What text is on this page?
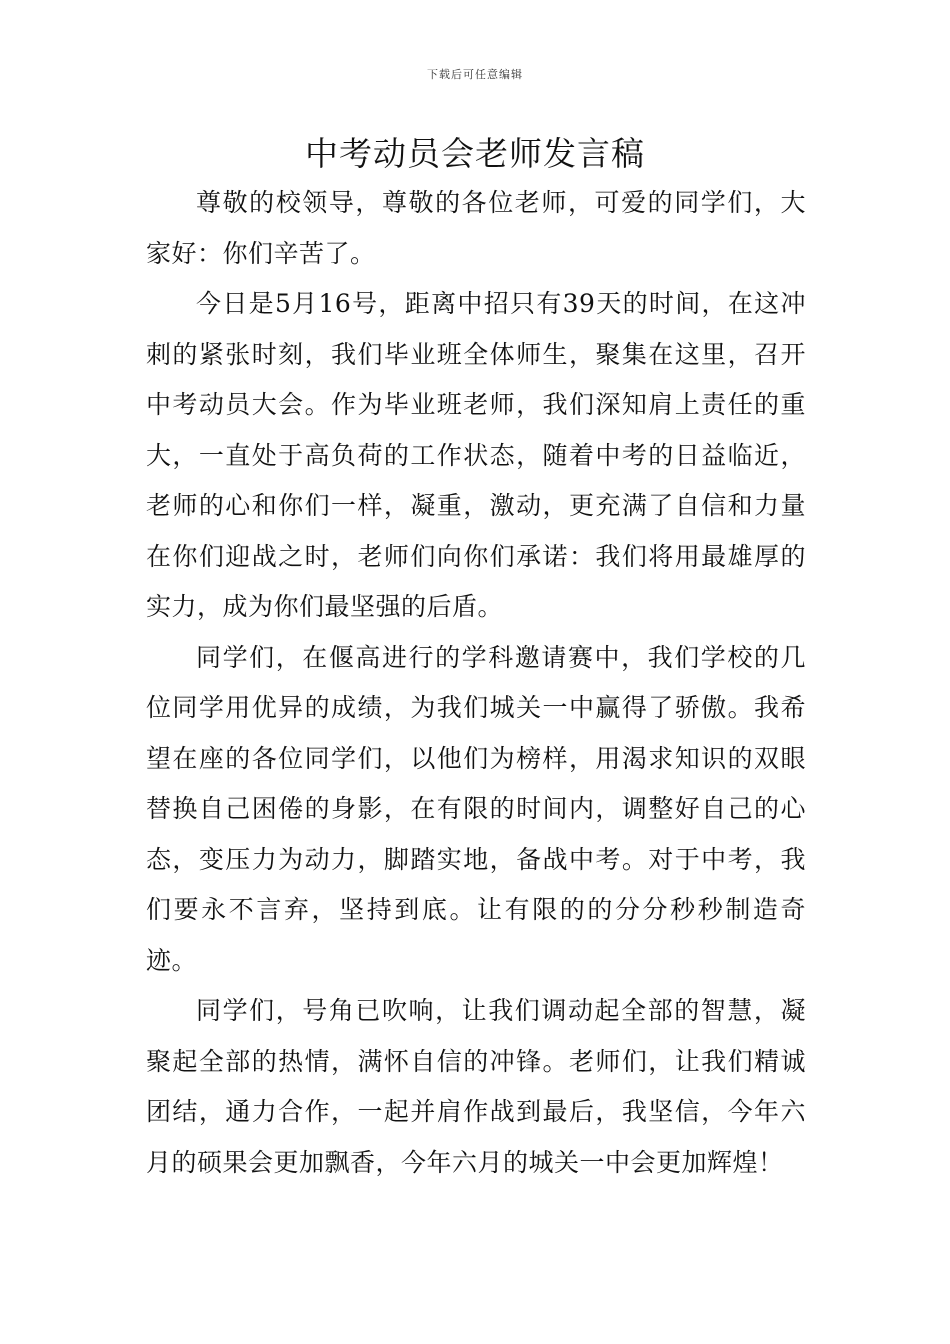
下载后可任意编辑
中考动员会老师发言稿

尊敬的校领导，尊敬的各位老师，可爱的同学们，大家好：你们辛苦了。

今日是5月16号，距离中招只有39天的时间，在这冲刺的紧张时刻，我们毕业班全体师生，聚集在这里，召开中考动员大会。作为毕业班老师，我们深知肩上责任的重大，一直处于高负荷的工作状态，随着中考的日益临近，老师的心和你们一样，凝重，激动，更充满了自信和力量在你们迎战之时，老师们向你们承诺：我们将用最雄厚的实力，成为你们最坚强的后盾。

同学们，在偃高进行的学科邀请赛中，我们学校的几位同学用优异的成绩，为我们城关一中赢得了骄傲。我希望在座的各位同学们，以他们为榜样，用渴求知识的双眼替换自己困倦的身影，在有限的时间内，调整好自己的心态，变压力为动力，脚踏实地，备战中考。对于中考，我们要永不言弃，坚持到底。让有限的的分分秒秒制造奇迹。

同学们，号角已吹响，让我们调动起全部的智慧，凝聚起全部的热情，满怀自信的冲锋。老师们，让我们精诚团结，通力合作，一起并肩作战到最后，我坚信，今年六月的硕果会更加飘香，今年六月的城关一中会更加辉煌！
